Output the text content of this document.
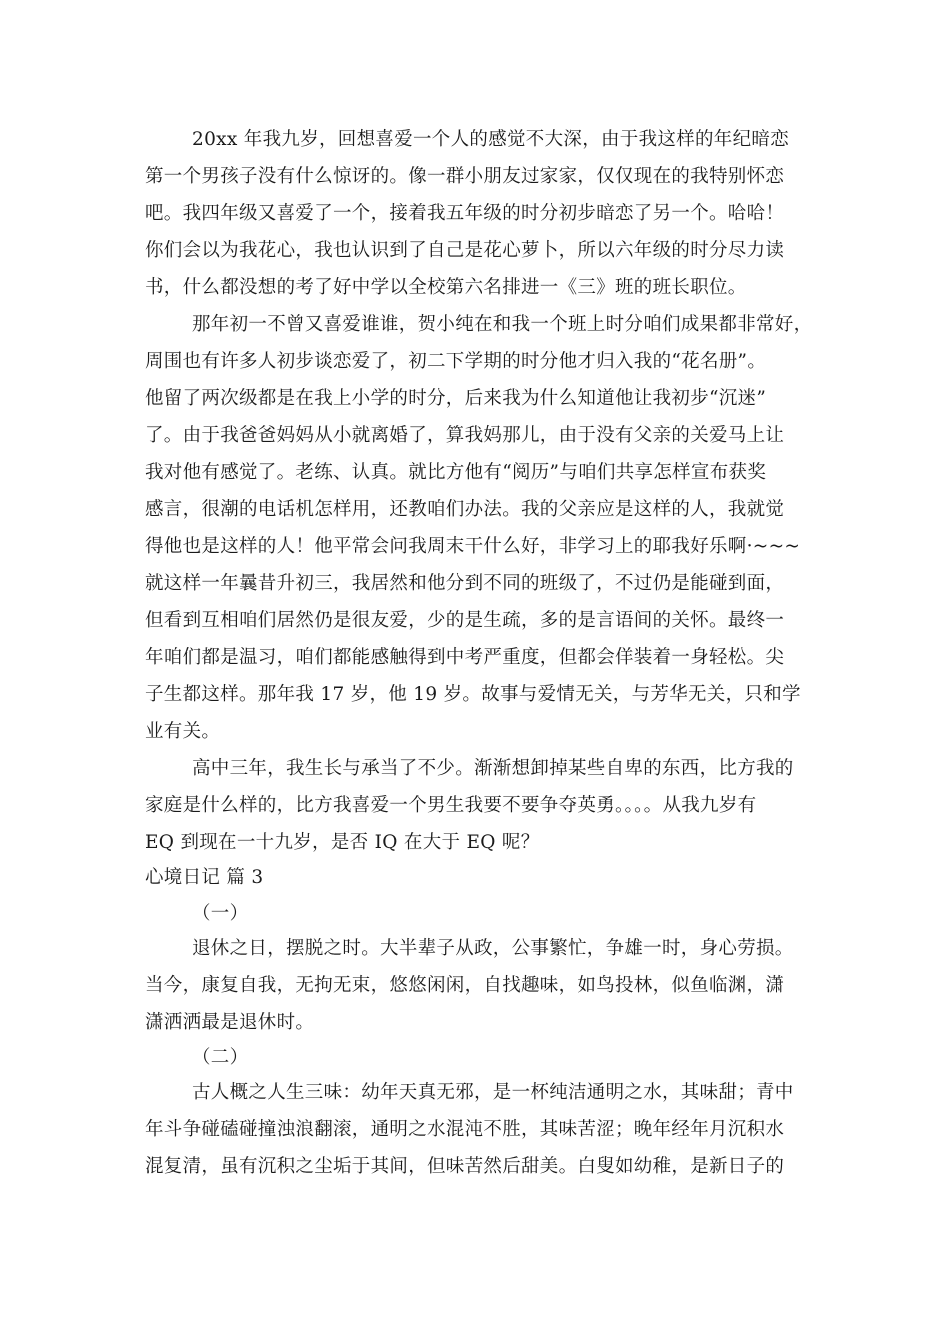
20xx 年我九岁，回想喜爱一个人的感觉不大深，由于我这样的年纪暗恋
第一个男孩子没有什么惊讶的。像一群小朋友过家家，仅仅现在的我特别怀恋
吧。我四年级又喜爱了一个，接着我五年级的时分初步暗恋了另一个。哈哈！
你们会以为我花心，我也认识到了自己是花心萝卜，所以六年级的时分尽力读
书，什么都没想的考了好中学以全校第六名排进一《三》班的班长职位。
那年初一不曾又喜爱谁谁，贺小纯在和我一个班上时分咱们成果都非常好，
周围也有许多人初步谈恋爱了，初二下学期的时分他才归入我的“花名册”。
他留了两次级都是在我上小学的时分，后来我为什么知道他让我初步“沉迷”
了。由于我爸爸妈妈从小就离婚了，算我妈那儿，由于没有父亲的关爱马上让
我对他有感觉了。老练、认真。就比方他有“阅历”与咱们共享怎样宣布获奖
感言，很潮的电话机怎样用，还教咱们办法。我的父亲应是这样的人，我就觉
得他也是这样的人！他平常会问我周末干什么好，非学习上的耶我好乐啊·~~~
就这样一年曩昔升初三，我居然和他分到不同的班级了，不过仍是能碰到面，
但看到互相咱们居然仍是很友爱，少的是生疏，多的是言语间的关怀。最终一
年咱们都是温习，咱们都能感触得到中考严重度，但都会佯装着一身轻松。尖
子生都这样。那年我 17 岁，他 19 岁。故事与爱情无关，与芳华无关，只和学
业有关。
高中三年，我生长与承当了不少。渐渐想卸掉某些自卑的东西，比方我的
家庭是什么样的，比方我喜爱一个男生我要不要争夺英勇。。。。从我九岁有
EQ 到现在一十九岁，是否 IQ 在大于 EQ 呢？
心境日记 篇 3
（一）
退休之日，摆脱之时。大半辈子从政，公事繁忙，争雄一时，身心劳损。
当今，康复自我，无拘无束，悠悠闲闲，自找趣味，如鸟投林，似鱼临渊，潇
潇洒洒最是退休时。
（二）
古人概之人生三味：幼年天真无邪，是一杯纯洁通明之水，其味甜；青中
年斗争碰磕碰撞浊浪翻滚，通明之水混沌不胜，其味苦涩；晚年经年月沉积水
混复清，虽有沉积之尘垢于其间，但味苦然后甜美。白叟如幼稚，是新日子的
